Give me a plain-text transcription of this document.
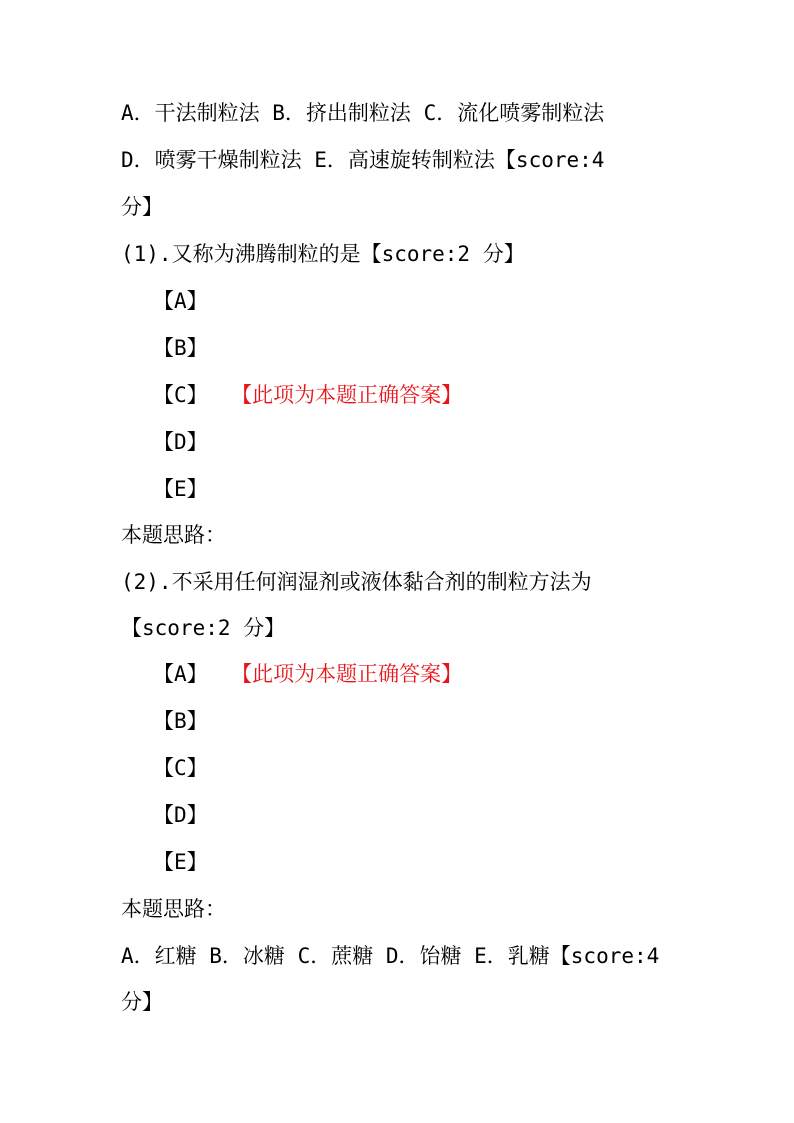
A．干法制粒法 B．挤出制粒法 C．流化喷雾制粒法
D．喷雾干燥制粒法 E．高速旋转制粒法【score:4
分】
(1).又称为沸腾制粒的是【score:2 分】
【A】
【B】
【C】 【此项为本题正确答案】
【D】
【E】
本题思路：
(2).不采用任何润湿剂或液体黏合剂的制粒方法为
【score:2 分】
【A】 【此项为本题正确答案】
【B】
【C】
【D】
【E】
本题思路：
A．红糖 B．冰糖 C．蔗糖 D．饴糖 E．乳糖【score:4
分】
